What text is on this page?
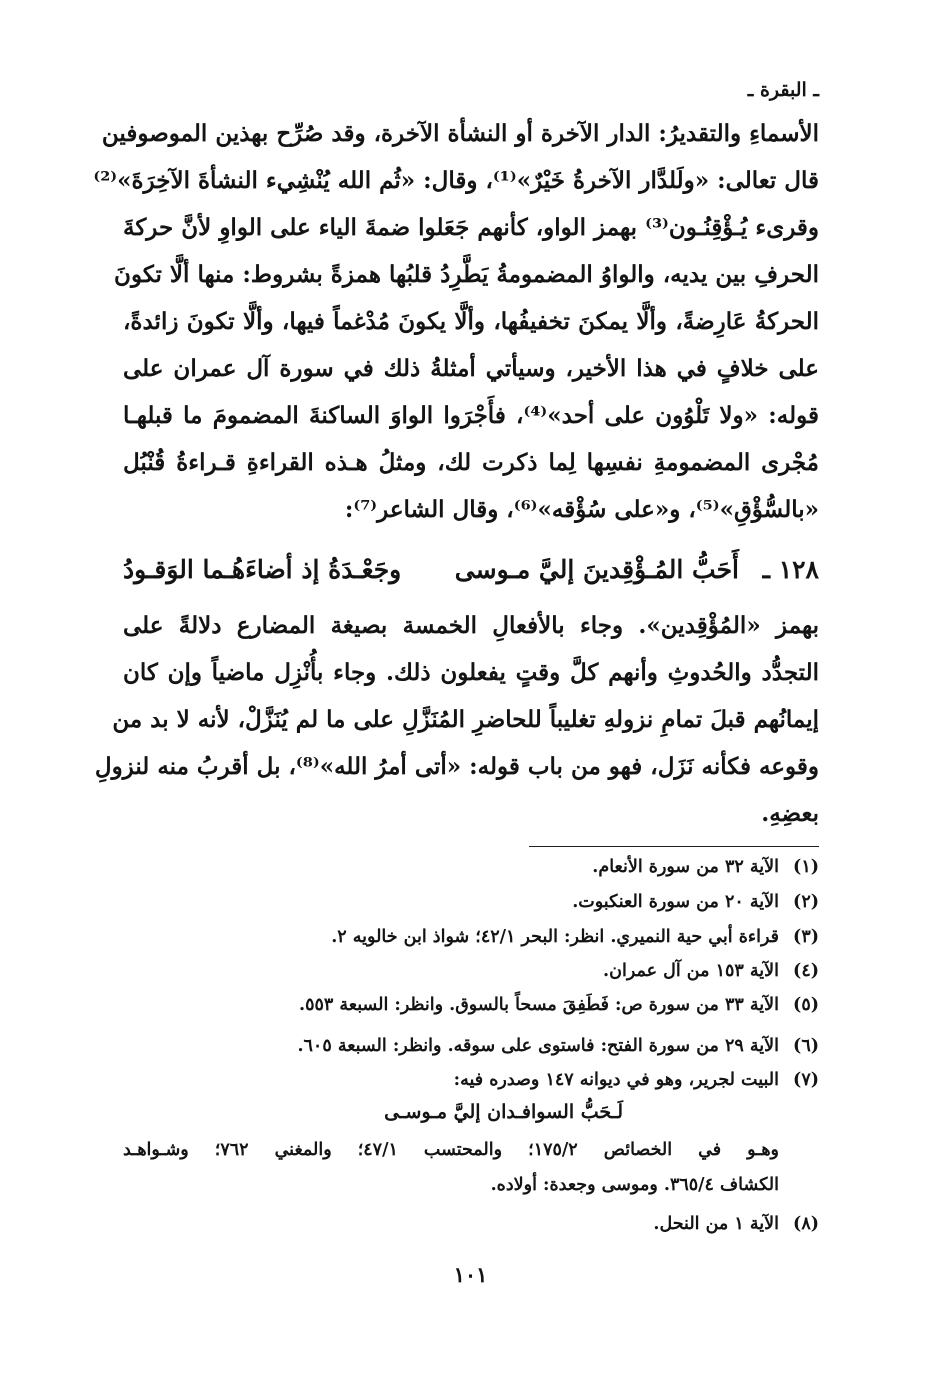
ـ البقرة ـ
الأسماءِ والتقديرُ: الدار الآخرة أو النشأة الآخرة، وقد صُرِّح بهذين الموصوفين
قال تعالى: «ولَلدَّار الآخرةُ خَيْرٌ»⁽¹⁾، وقال: «ثُم الله يُنْشِيء النشأةَ الآخِرَةَ»⁽²⁾
وقرىء يُـؤْقِنُـون⁽³⁾ بهمز الواو، كأنهم جَعَلوا ضمةَ الياء على الواوِ لأنَّ حركةَ
الحرفِ بين يديه، والواوُ المضمومةُ يَطَّرِدُ قلبُها همزةً بشروط: منها ألَّا تكونَ
الحركةُ عَارِضةً، وألَّا يمكنَ تخفيفُها، وألَّا يكونَ مُدْغماً فيها، وألَّا تكونَ زائدةً،
على خلافٍ في هذا الأخير، وسيأتي أمثلةُ ذلك في سورة آل عمران على
قوله: «ولا تَلْوُون على أحد»⁽⁴⁾، فأَجْرَوا الواوَ الساكنةَ المضمومَ ما قبلهـا
مُجْرى المضمومةِ نفسِها لِما ذكرت لك، ومثلُ هـذه القراءةِ قـراءةُ قُنْبُل
«بالسُّؤْقِ»⁽⁵⁾، و«على سُؤْقه»⁽⁶⁾، وقال الشاعر⁽⁷⁾:
١٢٨ ـ
أَحَبُّ المُـؤْقِدينَ إليَّ مـوسى
وجَعْـدَةُ إذ أضاءَهُـما الوَقـودُ
بهمز «المُؤْقِدين». وجاء بالأفعالِ الخمسة بصيغة المضارع دلالةً على
التجدُّد والحُدوثِ وأنهم كلَّ وقتٍ يفعلون ذلك. وجاء بأُنْزِل ماضياً وإن كان
إيمانُهم قبلَ تمامِ نزولهِ تغليباً للحاضرِ المُنَزَّلِ على ما لم يُنَزَّلْ، لأنه لا بد من
وقوعه فكأنه نَزَل، فهو من باب قوله: «أتى أمرُ الله»⁽⁸⁾، بل أقربُ منه لنزولِ
بعضِهِ.
(١)الآية ٣٢ من سورة الأنعام.
(٢)الآية ٢٠ من سورة العنكبوت.
(٣)قراءة أبي حية النميري. انظر: البحر ٤٢/١؛ شواذ ابن خالويه ٢.
(٤)الآية ١٥٣ من آل عمران.
(٥)الآية ٣٣ من سورة ص: فَطَفِقَ مسحاً بالسوق. وانظر: السبعة ٥٥٣.
(٦)الآية ٢٩ من سورة الفتح: فاستوى على سوقه. وانظر: السبعة ٦٠٥.
(٧)البيت لجرير، وهو في ديوانه ١٤٧ وصدره فيه:
لَـحَبُّ السوافـدان إليَّ مـوسـى
وهـو في الخصائص ١٧٥/٢؛ والمحتسب ٤٧/١؛ والمغني ٧٦٢؛ وشـواهـد
الكشاف ٣٦٥/٤. وموسى وجعدة: أولاده.
(٨)الآية ١ من النحل.
١٠١
